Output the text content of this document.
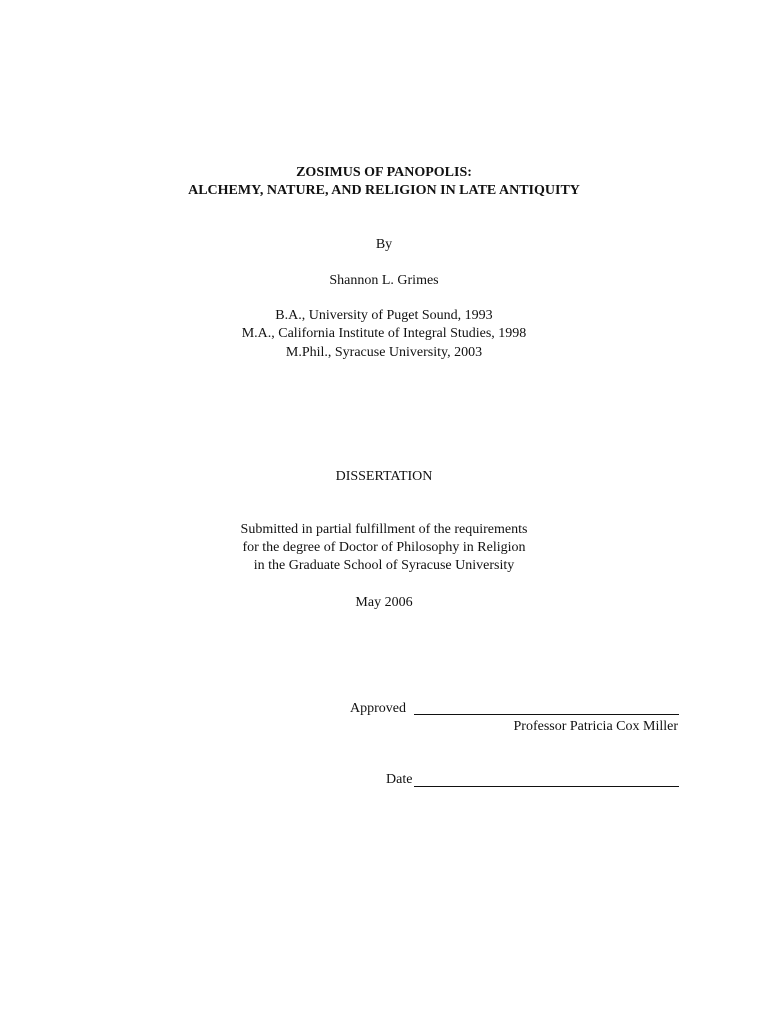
ZOSIMUS OF PANOPOLIS:
ALCHEMY, NATURE, AND RELIGION IN LATE ANTIQUITY
By
Shannon L. Grimes
B.A., University of Puget Sound, 1993
M.A., California Institute of Integral Studies, 1998
M.Phil., Syracuse University, 2003
DISSERTATION
Submitted in partial fulfillment of the requirements
for the degree of Doctor of Philosophy in Religion
in the Graduate School of Syracuse University
May 2006
Approved
Professor Patricia Cox Miller
Date
